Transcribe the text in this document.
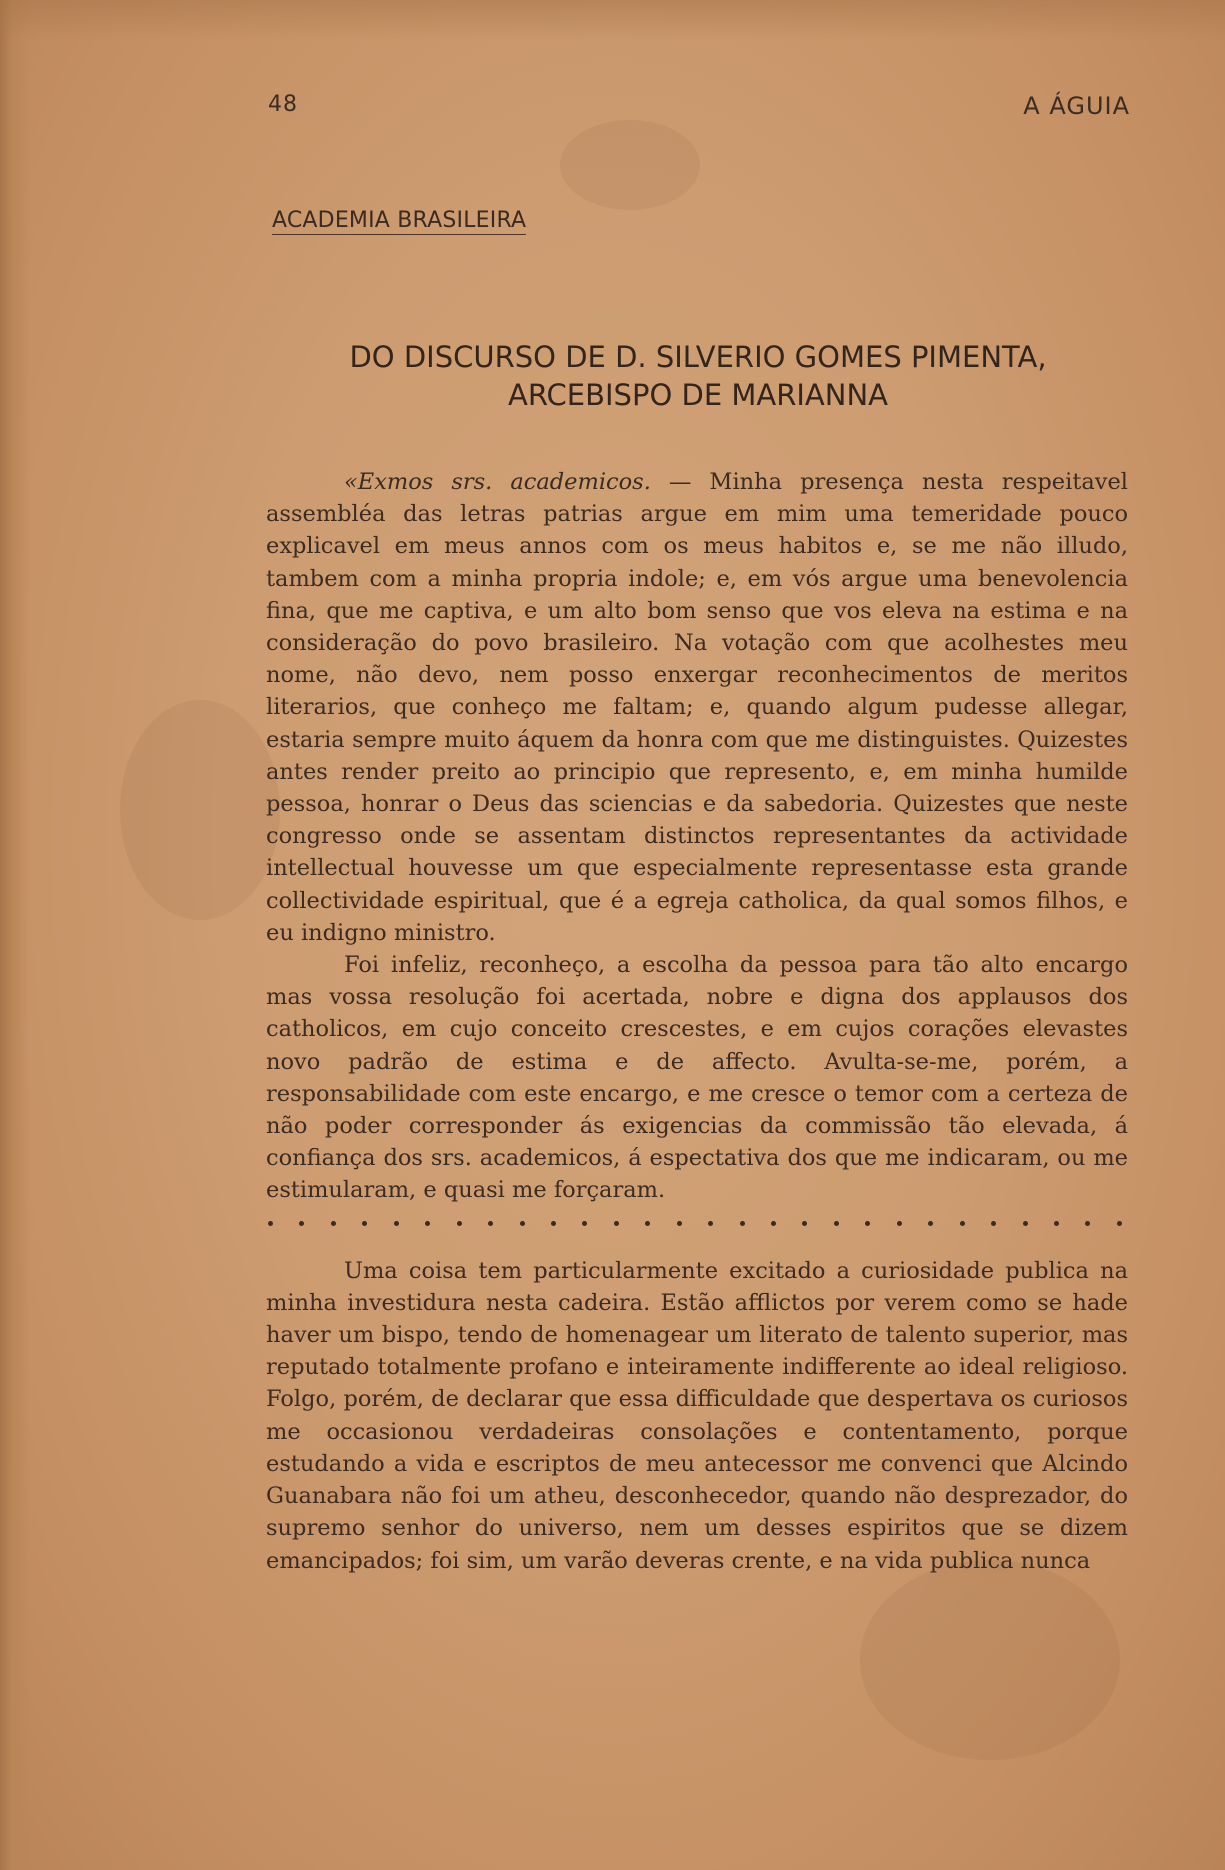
48	A ÁGUIA
ACADEMIA BRASILEIRA
DO DISCURSO DE D. SILVERIO GOMES PIMENTA,
ARCEBISPO DE MARIANNA

«Exmos srs. academicos. — Minha presença nesta respeitavel assembléa das letras patrias argue em mim uma temeridade pouco explicavel em meus annos com os meus habitos e, se me não illudo, tambem com a minha propria indole; e, em vós argue uma benevolencia fina, que me captiva, e um alto bom senso que vos eleva na estima e na consideração do povo brasileiro. Na votação com que acolhestes meu nome, não devo, nem posso enxergar reconhecimentos de meritos literarios, que conheço me faltam; e, quando algum pudesse allegar, estaria sempre muito áquem da honra com que me distinguistes. Quizestes antes render preito ao principio que represento, e, em minha humilde pessoa, honrar o Deus das sciencias e da sabedoria. Quizestes que neste congresso onde se assentam distinctos representantes da actividade intellectual houvesse um que especialmente representasse esta grande collectividade espiritual, que é a egreja catholica, da qual somos filhos, e eu indigno ministro.

Foi infeliz, reconheço, a escolha da pessoa para tão alto encargo mas vossa resolução foi acertada, nobre e digna dos applausos dos catholicos, em cujo conceito crescestes, e em cujos corações elevastes novo padrão de estima e de affecto. Avulta-se-me, porém, a responsabilidade com este encargo, e me cresce o temor com a certeza de não poder corresponder ás exigencias da commissão tão elevada, á confiança dos srs. academicos, á espectativa dos que me indicaram, ou me estimularam, e quasi me forçaram.

Uma coisa tem particularmente excitado a curiosidade publica na minha investidura nesta cadeira. Estão afflictos por verem como se hade haver um bispo, tendo de homenagear um literato de talento superior, mas reputado totalmente profano e inteiramente indifferente ao ideal religioso. Folgo, porém, de declarar que essa difficuldade que despertava os curiosos me occasionou verdadeiras consolações e contentamento, porque estudando a vida e escriptos de meu antecessor me convenci que Alcindo Guanabara não foi um atheu, desconhecedor, quando não desprezador, do supremo senhor do universo, nem um desses espiritos que se dizem emancipados; foi sim, um varão deveras crente, e na vida publica nunca
